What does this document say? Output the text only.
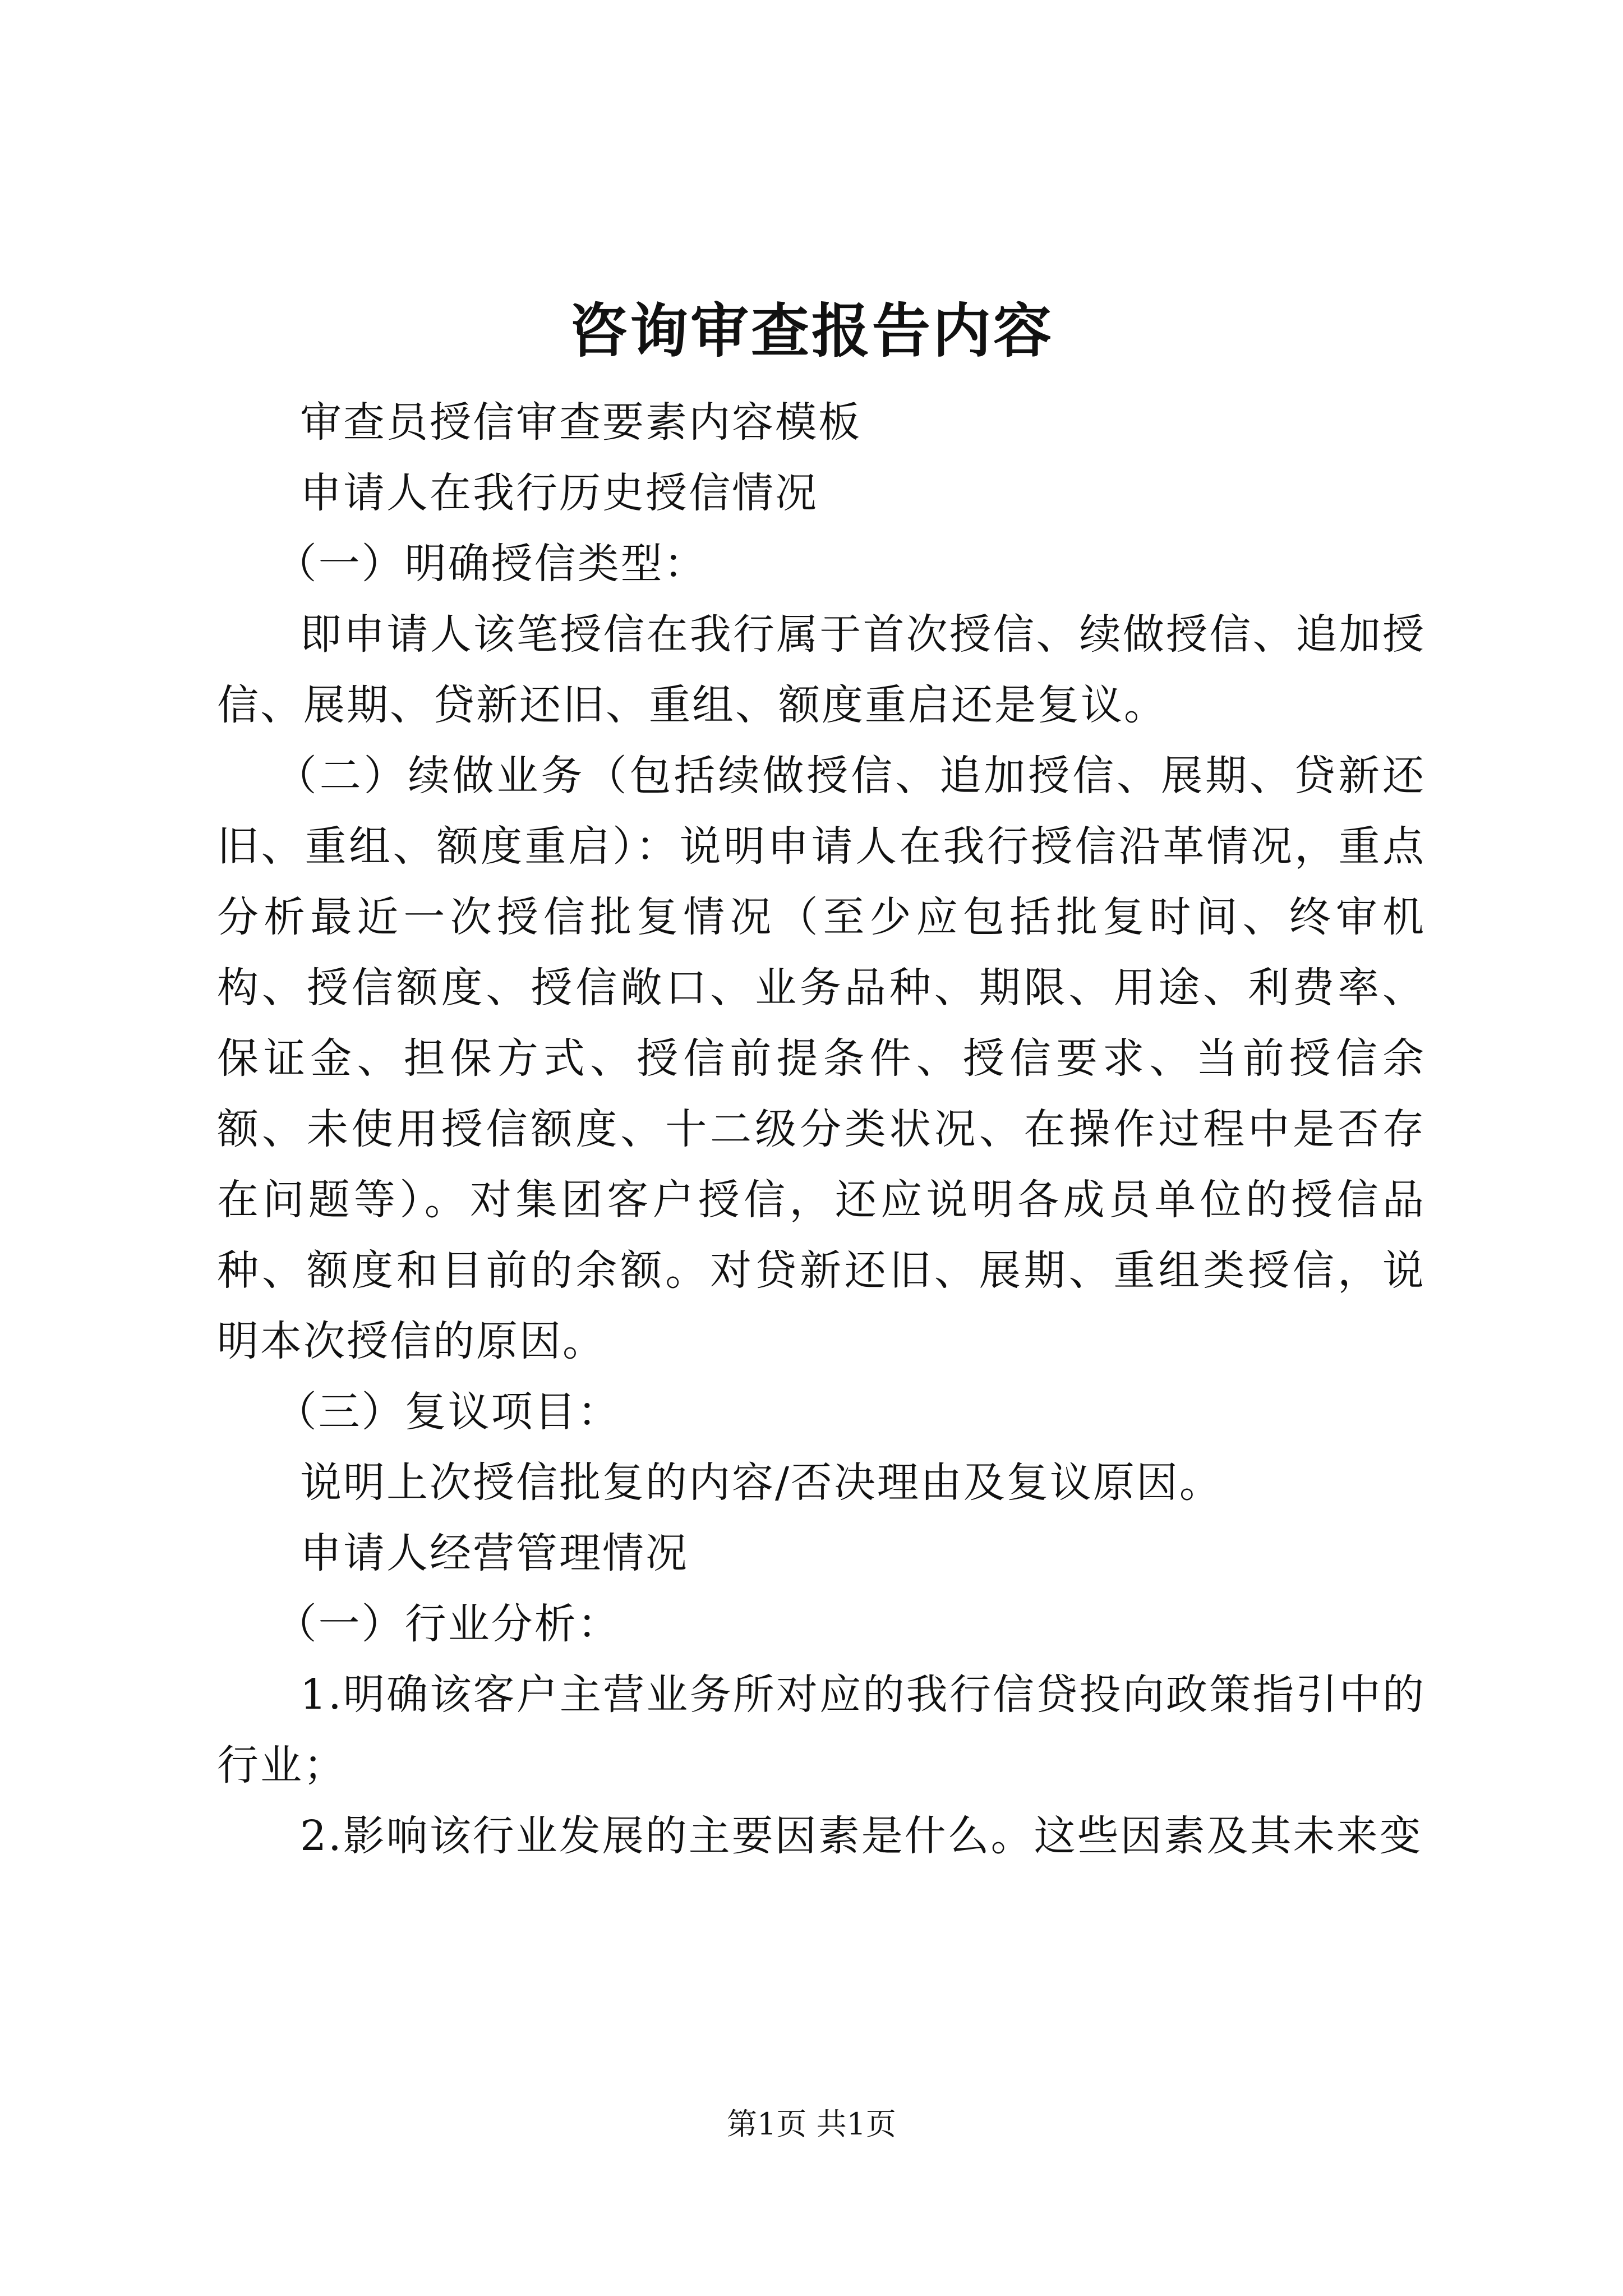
咨询审查报告内容

审查员授信审查要素内容模板

申请人在我行历史授信情况

（一）明确授信类型：

即申请人该笔授信在我行属于首次授信、续做授信、追加授信、展期、贷新还旧、重组、额度重启还是复议。

（二）续做业务（包括续做授信、追加授信、展期、贷新还旧、重组、额度重启）：说明申请人在我行授信沿革情况，重点分析最近一次授信批复情况（至少应包括批复时间、终审机构、授信额度、授信敞口、业务品种、期限、用途、利费率、保证金、担保方式、授信前提条件、授信要求、当前授信余额、未使用授信额度、十二级分类状况、在操作过程中是否存在问题等）。对集团客户授信，还应说明各成员单位的授信品种、额度和目前的余额。对贷新还旧、展期、重组类授信，说明本次授信的原因。

（三）复议项目：

说明上次授信批复的内容/否决理由及复议原因。

申请人经营管理情况

（一）行业分析：

1.明确该客户主营业务所对应的我行信贷投向政策指引中的行业；

2.影响该行业发展的主要因素是什么。这些因素及其未来变

第1页 共1页
